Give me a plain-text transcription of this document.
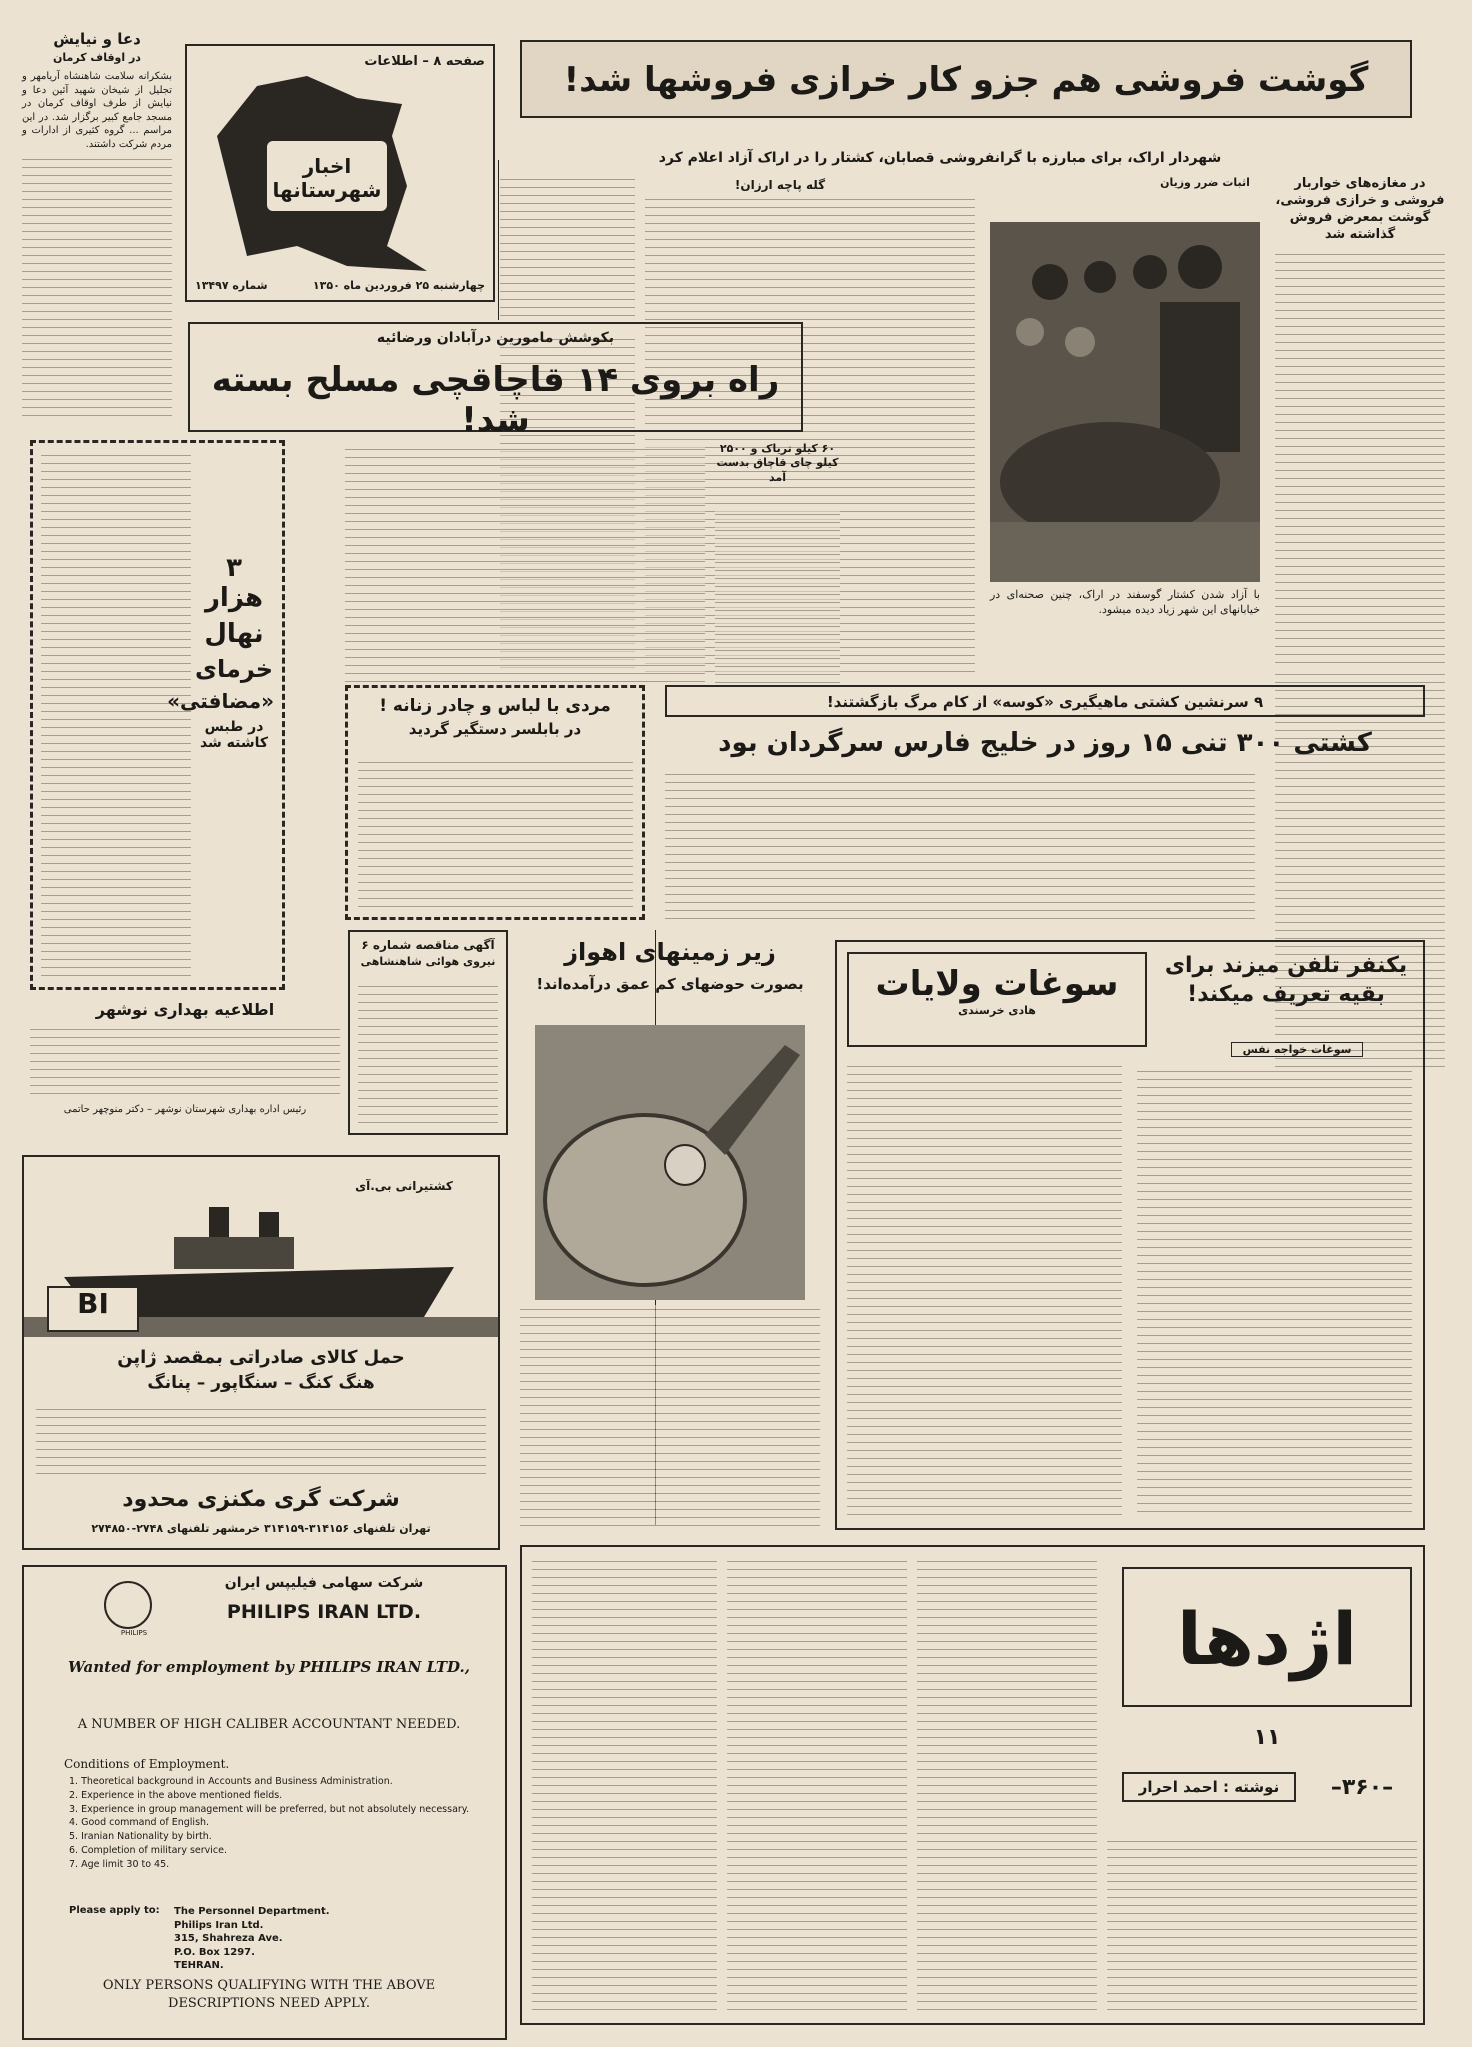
دعا و نیایش
در اوقاف کرمان
بشکرانه سلامت شاهنشاه آریامهر و تجلیل از شیخان شهید آئین دعا و نیایش از طرف اوقاف کرمان در مسجد جامع کبیر برگزار شد. در این مراسم ... گروه کثیری از ادارات و مردم شرکت داشتند.
صفحه ۸ – اطلاعات
اخبار شهرستانها
چهارشنبه ۲۵ فروردین ماه ۱۳۵۰
شماره ۱۳۴۹۷
گوشت فروشی هم جزو کار خرازی فروشها شد!
شهردار اراک، برای مبارزه با گرانفروشی قصابان، کشتار را در اراک آزاد اعلام کرد
گله پاچه ارزان!	اثبات ضرر وزیان
با آزاد شدن کشتار گوسفند در اراک، چنین صحنه‌ای در خیابانهای این شهر زیاد دیده میشود.
در مغازه‌های خواربار فروشی و خرازی فروشی، گوشت بمعرض فروش گذاشته شد
بکوشش مامورین درآبادان ورضائیه
راه بروی ۱۴ قاچاقچی مسلح بسته شد!
۶۰ کیلو تریاک و ۲۵۰۰ کیلو چای قاچاق بدست آمد
۳ هزار
نهال
خرمای
«مضافتی»
در طبس کاشته شد
مردی با لباس و چادر زنانه !
در بابلسر دستگیر گردید
۹ سرنشین کشتی ماهیگیری «کوسه» از کام مرگ بازگشتند!
کشتی ۳۰۰ تنی ۱۵ روز در خلیج فارس سرگردان بود
اطلاعیه بهداری نوشهر
رئیس اداره بهداری شهرستان نوشهر – دکتر منوچهر حاتمی
آگهی مناقصه شماره ۶
نیروی هوائی شاهنشاهی	زیر زمینهای اهواز
بصورت حوضهای کم عمق درآمده‌اند!
یکنفر تلفن میزند برای بقیه تعریف میکند!
سوغات ولایات
هادی خرسندی
سوغات خواجه نفس
BI
کشتیرانی بی.آی
حمل کالای صادراتی بمقصد ژاپن
هنگ کنگ – سنگاپور – پنانگ
شرکت گری مکنزی محدود
تهران تلفنهای ۳۱۴۱۵۶-۳۱۴۱۵۹ خرمشهر تلفنهای ۲۷۴۸-۲۷۴۸۵۰
شرکت سهامی فیلیپس ایران
PHILIPS
PHILIPS IRAN LTD.
Wanted for employment by PHILIPS IRAN LTD.,
A NUMBER OF HIGH CALIBER ACCOUNTANT NEEDED.
Conditions of Employment.
1. Theoretical background in Accounts and Business Administration.
2. Experience in the above mentioned fields.
3. Experience in group management will be preferred, but not absolutely necessary.
4. Good command of English.
5. Iranian Nationality by birth.
6. Completion of military service.
7. Age limit 30 to 45.
Please apply to: The Personnel Department.
Philips Iran Ltd.
315, Shahreza Ave.
P.O. Box 1297.
TEHRAN.
ONLY PERSONS QUALIFYING WITH THE ABOVE DESCRIPTIONS NEED APPLY.
اژدها
۱۱
نوشته : احمد احرار	–۳۶۰–
